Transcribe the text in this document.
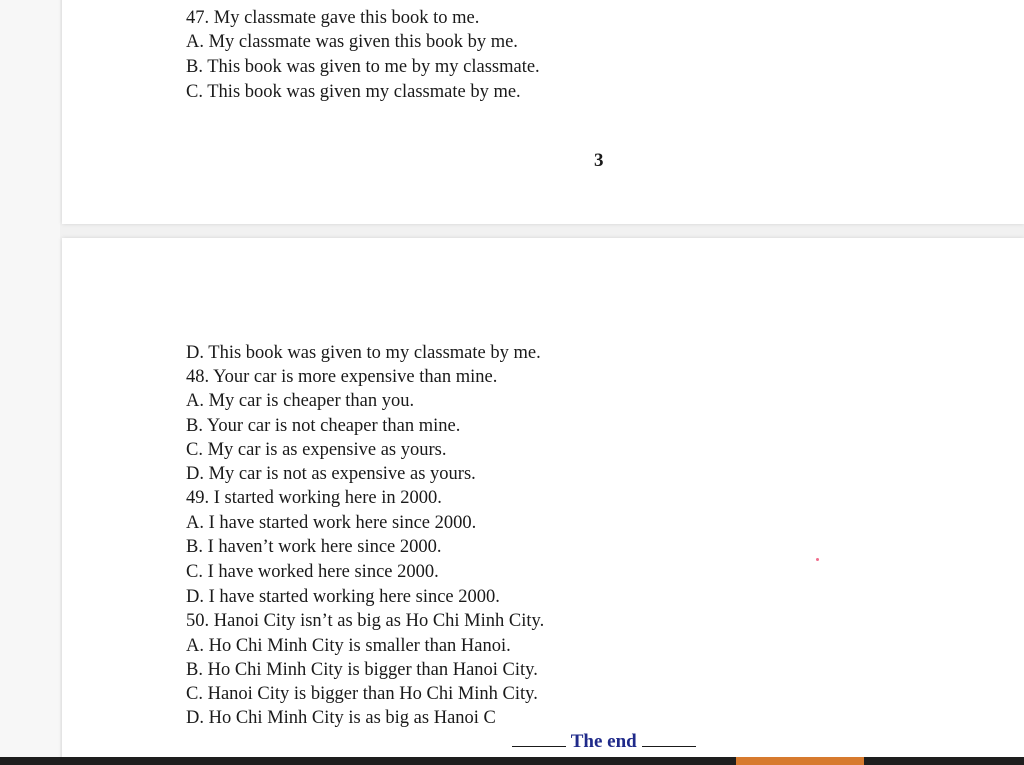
47. My classmate gave this book to me.
A. My classmate was given this book by me.
B. This book was given to me by my classmate.
C. This book was given my classmate by me.
3
D. This book was given to my classmate by me.
48. Your car is more expensive than mine.
A. My car is cheaper than you.
B. Your car is not cheaper than mine.
C. My car is as expensive as yours.
D. My car is not as expensive as yours.
49. I started working here in 2000.
A. I have started work here since 2000.
B. I haven’t work here since 2000.
C. I have worked here since 2000.
D. I have started working here since 2000.
50. Hanoi City isn’t as big as Ho Chi Minh City.
A. Ho Chi Minh City is smaller than Hanoi.
B. Ho Chi Minh City is bigger than Hanoi City.
C. Hanoi City is bigger than Ho Chi Minh City.
D. Ho Chi Minh City is as big as Hanoi C
The end
